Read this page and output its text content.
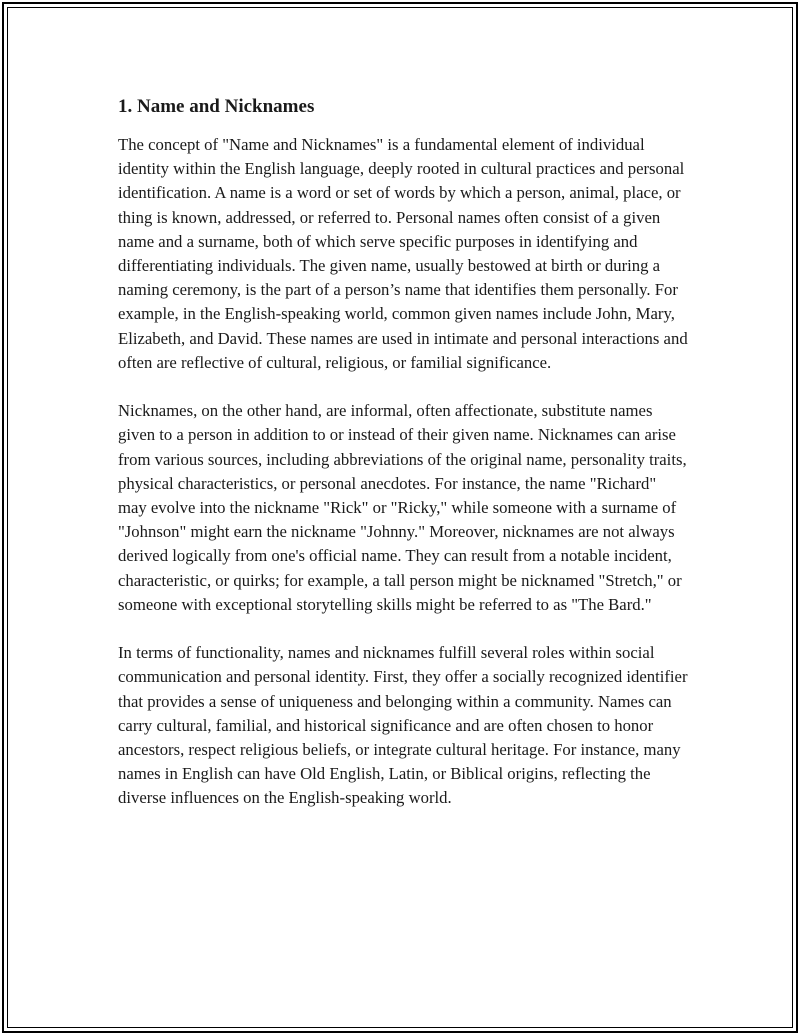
1. Name and Nicknames

The concept of "Name and Nicknames" is a fundamental element of individual identity within the English language, deeply rooted in cultural practices and personal identification. A name is a word or set of words by which a person, animal, place, or thing is known, addressed, or referred to. Personal names often consist of a given name and a surname, both of which serve specific purposes in identifying and differentiating individuals. The given name, usually bestowed at birth or during a naming ceremony, is the part of a person’s name that identifies them personally. For example, in the English-speaking world, common given names include John, Mary, Elizabeth, and David. These names are used in intimate and personal interactions and often are reflective of cultural, religious, or familial significance.

Nicknames, on the other hand, are informal, often affectionate, substitute names given to a person in addition to or instead of their given name. Nicknames can arise from various sources, including abbreviations of the original name, personality traits, physical characteristics, or personal anecdotes. For instance, the name "Richard" may evolve into the nickname "Rick" or "Ricky," while someone with a surname of "Johnson" might earn the nickname "Johnny." Moreover, nicknames are not always derived logically from one's official name. They can result from a notable incident, characteristic, or quirks; for example, a tall person might be nicknamed "Stretch," or someone with exceptional storytelling skills might be referred to as "The Bard."

In terms of functionality, names and nicknames fulfill several roles within social communication and personal identity. First, they offer a socially recognized identifier that provides a sense of uniqueness and belonging within a community. Names can carry cultural, familial, and historical significance and are often chosen to honor ancestors, respect religious beliefs, or integrate cultural heritage. For instance, many names in English can have Old English, Latin, or Biblical origins, reflecting the diverse influences on the English-speaking world.
